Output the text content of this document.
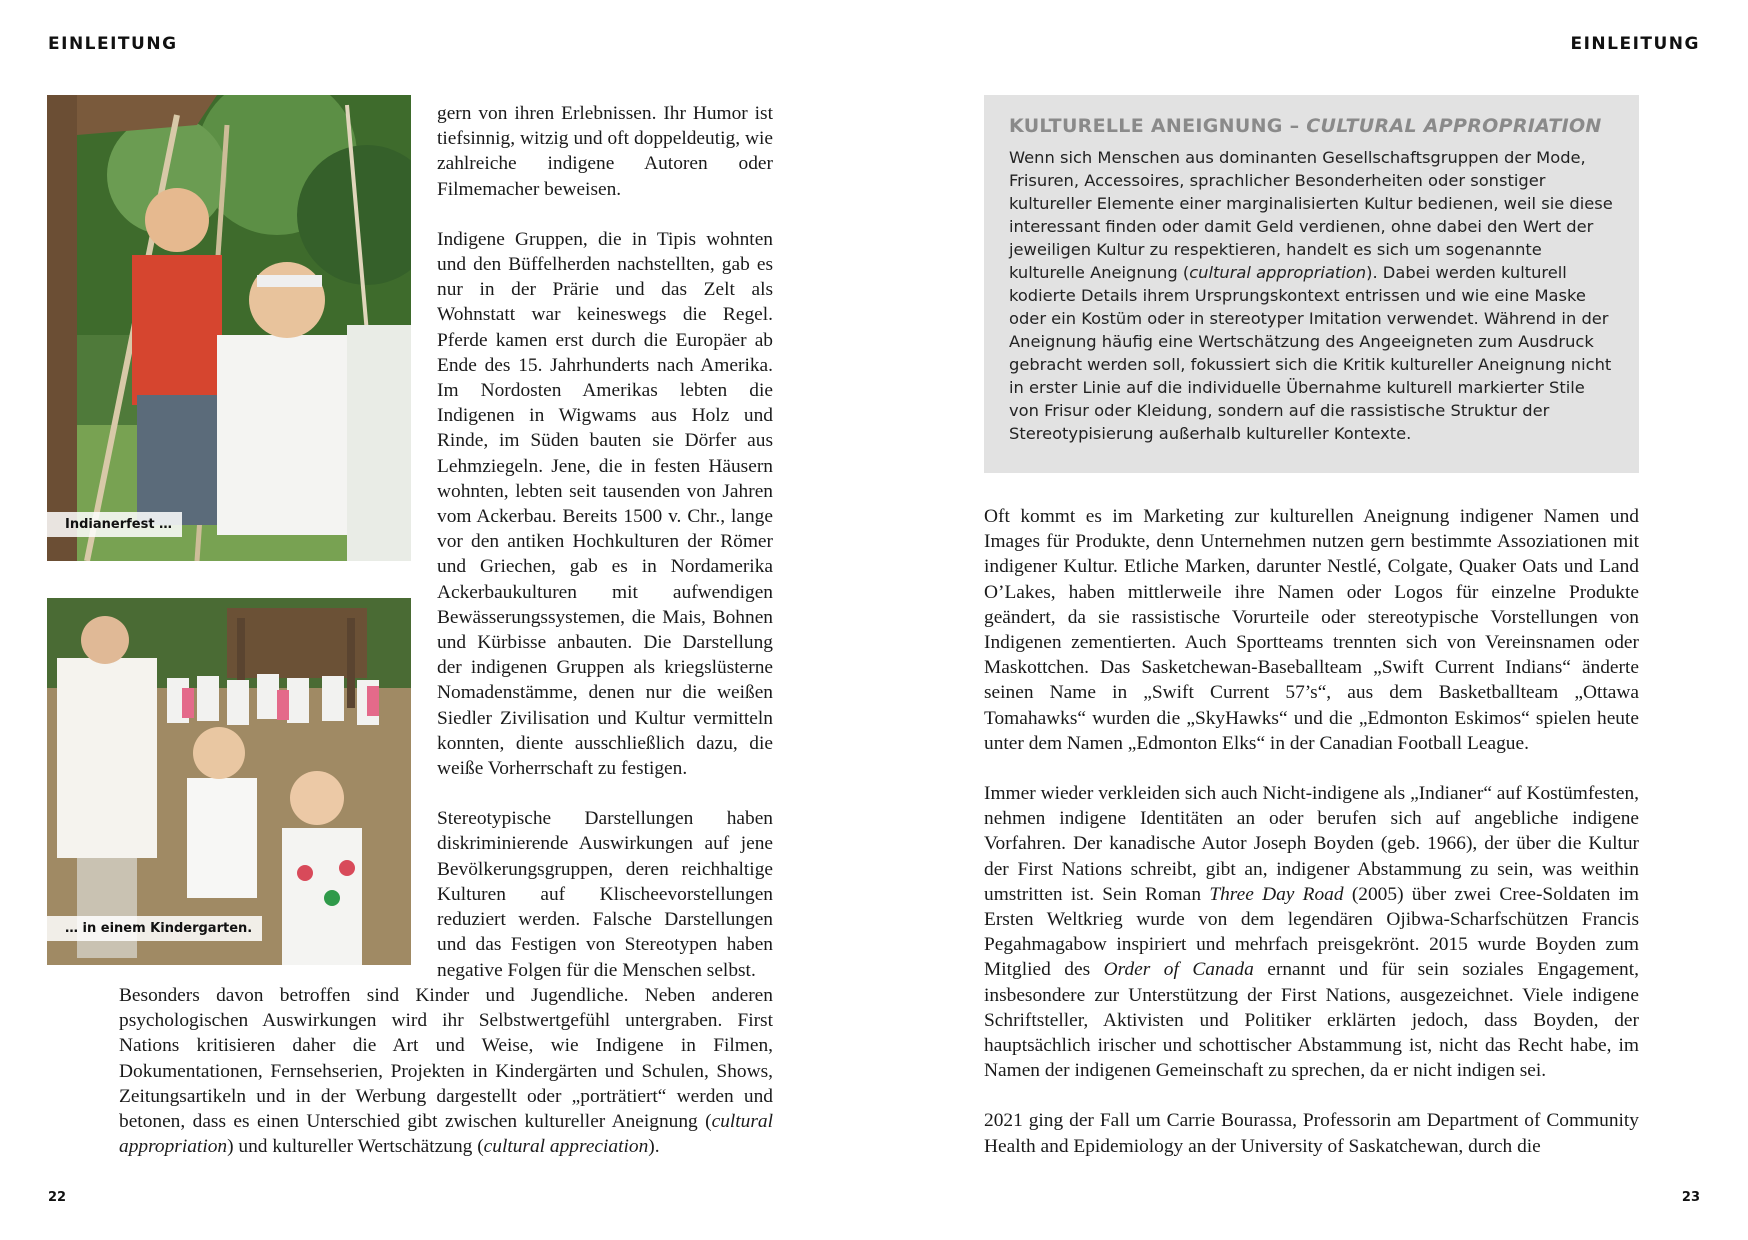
EINLEITUNG
Indianerfest …
… in einem Kindergarten.

gern von ihren Erlebnissen. Ihr Humor ist tiefsinnig, witzig und oft doppeldeutig, wie zahlreiche indigene Autoren oder Filmemacher beweisen.

Indigene Gruppen, die in Tipis wohnten und den Büffelherden nachstellten, gab es nur in der Prärie und das Zelt als Wohnstatt war keineswegs die Regel. Pferde kamen erst durch die Europäer ab Ende des 15. Jahrhunderts nach Amerika. Im Nordosten Amerikas lebten die Indigenen in Wigwams aus Holz und Rinde, im Süden bauten sie Dörfer aus Lehmziegeln. Jene, die in festen Häusern wohnten, lebten seit tausenden von Jahren vom Ackerbau. Bereits 1500 v. Chr., lange vor den antiken Hochkulturen der Römer und Griechen, gab es in Nordamerika Ackerbaukulturen mit aufwendigen Bewässerungssystemen, die Mais, Bohnen und Kürbisse anbauten. Die Darstellung der indigenen Gruppen als kriegslüsterne Nomadenstämme, denen nur die weißen Siedler Zivilisation und Kultur vermitteln konnten, diente ausschließlich dazu, die weiße Vorherrschaft zu festigen.

Stereotypische Darstellungen haben diskriminierende Auswirkungen auf jene Bevölkerungsgruppen, deren reichhaltige Kulturen auf Klischeevorstellungen reduziert werden. Falsche Darstellungen und das Festigen von Stereotypen haben negative Folgen für die Menschen selbst.

Besonders davon betroffen sind Kinder und Jugendliche. Neben anderen psychologischen Auswirkungen wird ihr Selbstwertgefühl untergraben. First Nations kritisieren daher die Art und Weise, wie Indigene in Filmen, Dokumentationen, Fernsehserien, Projekten in Kindergärten und Schulen, Shows, Zeitungsartikeln und in der Werbung dargestellt oder „porträtiert“ werden und betonen, dass es einen Unterschied gibt zwischen kultureller Aneignung (cultural appropriation) und kultureller Wertschätzung (cultural appreciation).
22
EINLEITUNG
KULTURELLE ANEIGNUNG – CULTURAL APPROPRIATION

Wenn sich Menschen aus dominanten Gesellschaftsgruppen der Mode, Frisuren, Accessoires, sprachlicher Besonderheiten oder sonstiger kultureller Elemente einer marginalisierten Kultur bedienen, weil sie diese interessant finden oder damit Geld verdienen, ohne dabei den Wert der jeweiligen Kultur zu respektieren, handelt es sich um sogenannte kulturelle Aneignung (cultural appropriation). Dabei werden kulturell kodierte Details ihrem Ursprungskontext entrissen und wie eine Maske oder ein Kostüm oder in stereotyper Imitation verwendet. Während in der Aneignung häufig eine Wertschätzung des Angeeigneten zum Ausdruck gebracht werden soll, fokussiert sich die Kritik kultureller Aneignung nicht in erster Linie auf die individuelle Übernahme kulturell markierter Stile von Frisur oder Kleidung, sondern auf die rassistische Struktur der Stereotypisierung außerhalb kultureller Kontexte.

Oft kommt es im Marketing zur kulturellen Aneignung indigener Namen und Images für Produkte, denn Unternehmen nutzen gern bestimmte Assoziationen mit indigener Kultur. Etliche Marken, darunter Nestlé, Colgate, Quaker Oats und Land O’Lakes, haben mittlerweile ihre Namen oder Logos für einzelne Produkte geändert, da sie rassistische Vorurteile oder stereotypische Vorstellungen von Indigenen zementierten. Auch Sportteams trennten sich von Vereinsnamen oder Maskottchen. Das Sasketchewan-Baseballteam „Swift Current Indians“ änderte seinen Name in „Swift Current 57’s“, aus dem Basketballteam „Ottawa Tomahawks“ wurden die „SkyHawks“ und die „Edmonton Eskimos“ spielen heute unter dem Namen „Edmonton Elks“ in der Canadian Football League.

Immer wieder verkleiden sich auch Nicht-indigene als „Indianer“ auf Kostümfesten, nehmen indigene Identitäten an oder berufen sich auf angebliche indigene Vorfahren. Der kanadische Autor Joseph Boyden (geb. 1966), der über die Kultur der First Nations schreibt, gibt an, indigener Abstammung zu sein, was weithin umstritten ist. Sein Roman Three Day Road (2005) über zwei Cree-Soldaten im Ersten Weltkrieg wurde von dem legendären Ojibwa-Scharfschützen Francis Pegahmagabow inspiriert und mehrfach preisgekrönt. 2015 wurde Boyden zum Mitglied des Order of Canada ernannt und für sein soziales Engagement, insbesondere zur Unterstützung der First Nations, ausgezeichnet. Viele indigene Schriftsteller, Aktivisten und Politiker erklärten jedoch, dass Boyden, der hauptsächlich irischer und schottischer Abstammung ist, nicht das Recht habe, im Namen der indigenen Gemeinschaft zu sprechen, da er nicht indigen sei.

2021 ging der Fall um Carrie Bourassa, Professorin am Department of Community Health and Epidemiology an der University of Saskatchewan, durch die

23
